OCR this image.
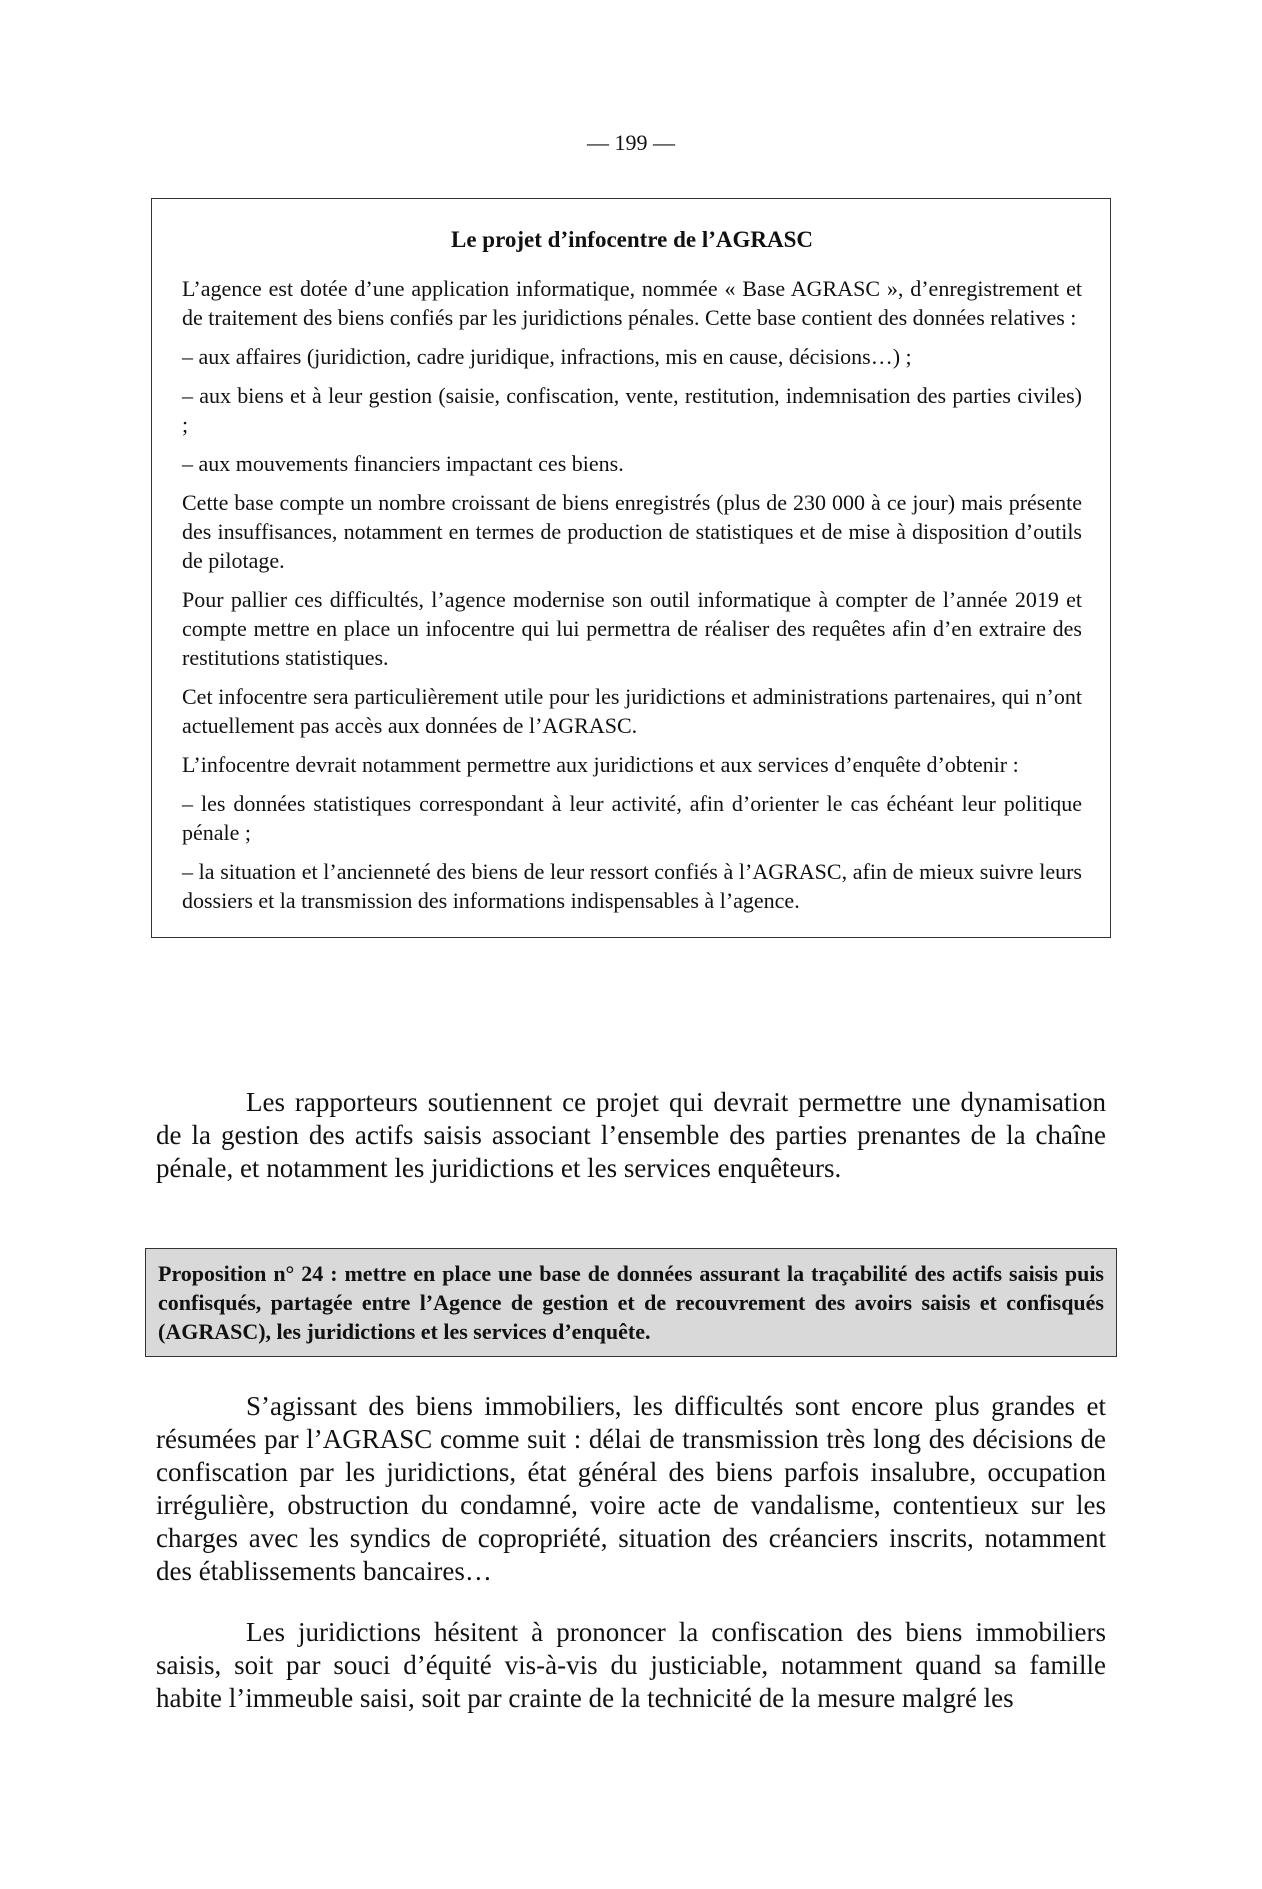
— 199 —
Le projet d’infocentre de l’AGRASC

L’agence est dotée d’une application informatique, nommée « Base AGRASC », d’enregistrement et de traitement des biens confiés par les juridictions pénales. Cette base contient des données relatives :

– aux affaires (juridiction, cadre juridique, infractions, mis en cause, décisions…) ;

– aux biens et à leur gestion (saisie, confiscation, vente, restitution, indemnisation des parties civiles) ;

– aux mouvements financiers impactant ces biens.

Cette base compte un nombre croissant de biens enregistrés (plus de 230 000 à ce jour) mais présente des insuffisances, notamment en termes de production de statistiques et de mise à disposition d’outils de pilotage.

Pour pallier ces difficultés, l’agence modernise son outil informatique à compter de l’année 2019 et compte mettre en place un infocentre qui lui permettra de réaliser des requêtes afin d’en extraire des restitutions statistiques.

Cet infocentre sera particulièrement utile pour les juridictions et administrations partenaires, qui n’ont actuellement pas accès aux données de l’AGRASC.

L’infocentre devrait notamment permettre aux juridictions et aux services d’enquête d’obtenir :

– les données statistiques correspondant à leur activité, afin d’orienter le cas échéant leur politique pénale ;

– la situation et l’ancienneté des biens de leur ressort confiés à l’AGRASC, afin de mieux suivre leurs dossiers et la transmission des informations indispensables à l’agence.

Les rapporteurs soutiennent ce projet qui devrait permettre une dynamisation de la gestion des actifs saisis associant l’ensemble des parties prenantes de la chaîne pénale, et notamment les juridictions et les services enquêteurs.

Proposition n° 24 : mettre en place une base de données assurant la traçabilité des actifs saisis puis confisqués, partagée entre l’Agence de gestion et de recouvrement des avoirs saisis et confisqués (AGRASC), les juridictions et les services d’enquête.

S’agissant des biens immobiliers, les difficultés sont encore plus grandes et résumées par l’AGRASC comme suit : délai de transmission très long des décisions de confiscation par les juridictions, état général des biens parfois insalubre, occupation irrégulière, obstruction du condamné, voire acte de vandalisme, contentieux sur les charges avec les syndics de copropriété, situation des créanciers inscrits, notamment des établissements bancaires…

Les juridictions hésitent à prononcer la confiscation des biens immobiliers saisis, soit par souci d’équité vis-à-vis du justiciable, notamment quand sa famille habite l’immeuble saisi, soit par crainte de la technicité de la mesure malgré les
